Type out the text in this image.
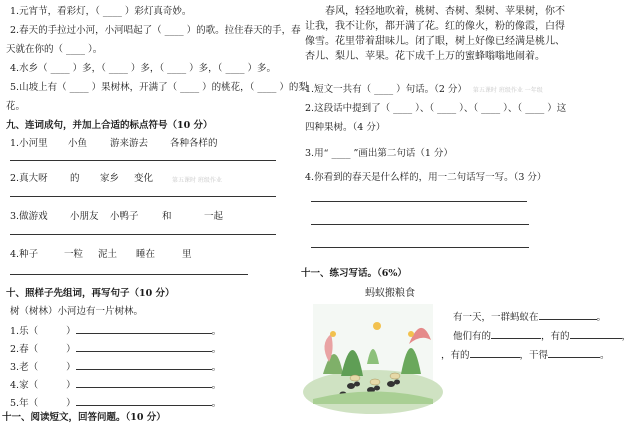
1.元宵节，看彩灯，（ ____ ）彩灯真奇妙。
2.春天的手拉过小河，小河唱起了（ ____ ）的歌。拉住春天的手，春
天就在你的（ ____ ）。
4.水乡（ ____ ）多，（ ____ ）多，（ ____ ）多，（ ____ ）多。
5.山坡上有（ ____ ）果树林，开满了（ ____ ）的桃花，（ ____ ）的梨
花。
九、连词成句，并加上合适的标点符号（10 分）
1.小河里 小鱼 游来游去 各种各样的
2.真大呀 的 家乡 变化	第五课时 班级作业
3.做游戏 小朋友 小鸭子 和	一起
4.种子	一粒 泥土 睡在	里
十、照样子先组词，再写句子（10 分）
树（树林）小河边有一片树林。
1.乐（	）	。
2.春（	）	。
3.老（	）	。
4.家（	）	。
5.年（	）	。
十一、阅读短文，回答问题。（10 分）
春风，轻轻地吹着，桃树、杏树、梨树、苹果树，你不让我，我不让你，都开满了花。红的像火，粉的像霞，白得像雪。花里带着甜味儿。闭了眼，树上好像已经满是桃儿、杏儿、梨儿、苹果。花下成千上万的蜜蜂嗡嗡地闹着。
1.短文一共有（ ____ ）句话。（2 分） 第五课时 班级作业 一年级
2.这段话中提到了（ ____ ）、（ ____ ）、（ ____ ）、（ ____ ）这
四种果树。（4 分）
3.用“ ____ ”画出第二句话（1 分）
4.你看到的春天是什么样的，用一二句话写一写。（3 分）
十一、练习写话。（6%）
蚂蚁搬粮食
有一天，一群蚂蚁在	。
他们有的	，有的	，
，有的	，干得	。
